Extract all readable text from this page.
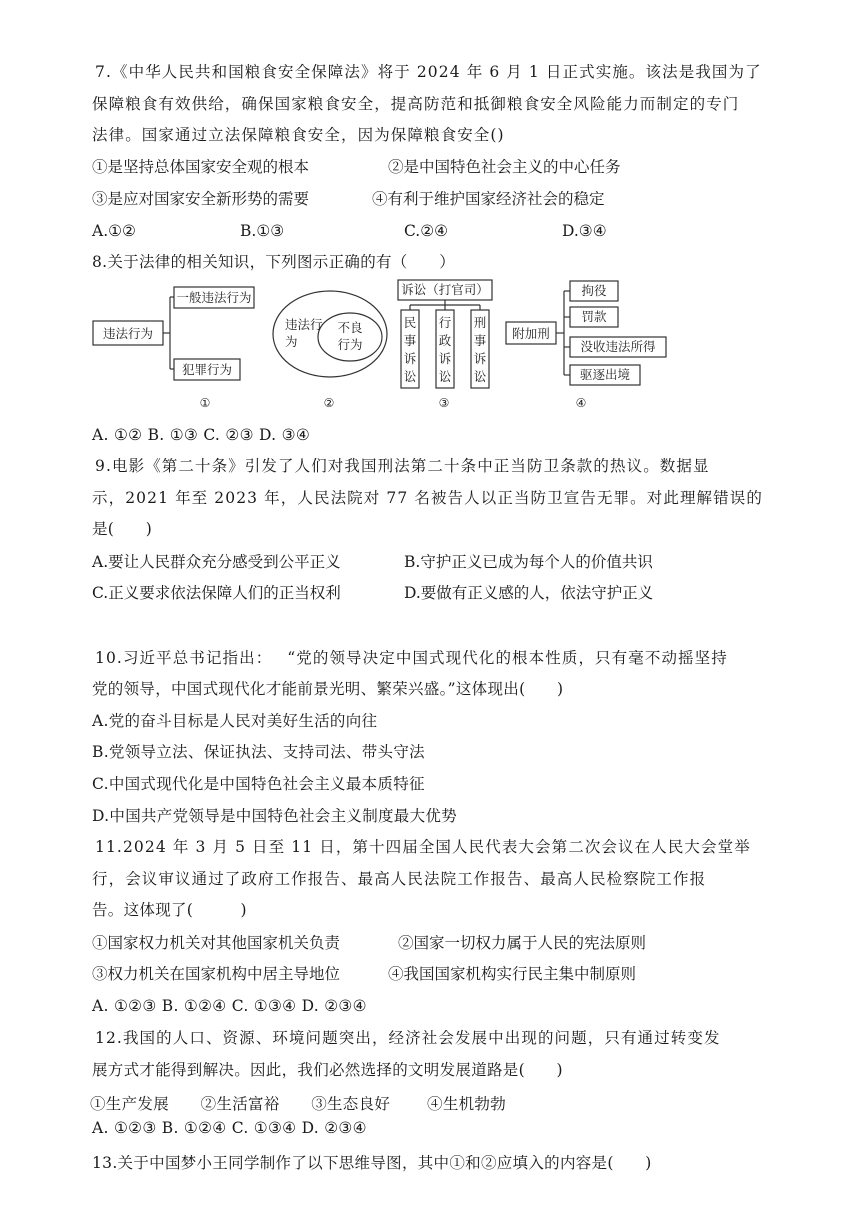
7.《中华人民共和国粮食安全保障法》将于 2024 年 6 月 1 日正式实施。该法是我国为了
保障粮食有效供给，确保国家粮食安全，提高防范和抵御粮食安全风险能力而制定的专门
法律。国家通过立法保障粮食安全，因为保障粮食安全()
①是坚持总体国家安全观的根本	②是中国特色社会主义的中心任务
③是应对国家安全新形势的需要	④有利于维护国家经济社会的稳定
A.①②	B.①③	C.②④	D.③④
8.关于法律的相关知识，下列图示正确的有（　　）
违法行为
一般违法行为
犯罪行为
①
违法行
为
不良
行为
②
诉讼（打官司）
民
事
诉
讼
行
政
诉
讼
刑
事
诉
讼
③
附加刑
拘役
罚款
没收违法所得
驱逐出境
④
A. ①② B. ①③ C. ②③ D. ③④
9.电影《第二十条》引发了人们对我国刑法第二十条中正当防卫条款的热议。数据显
示，2021 年至 2023 年，人民法院对 77 名被告人以正当防卫宣告无罪。对此理解错误的
是(　　)
A.要让人民群众充分感受到公平正义	B.守护正义已成为每个人的价值共识
C.正义要求依法保障人们的正当权利	D.要做有正义感的人，依法守护正义
10.习近平总书记指出：　 “党的领导决定中国式现代化的根本性质，只有毫不动摇坚持
党的领导，中国式现代化才能前景光明、繁荣兴盛。”这体现出(　　)
A.党的奋斗目标是人民对美好生活的向往
B.党领导立法、保证执法、支持司法、带头守法
C.中国式现代化是中国特色社会主义最本质特征
D.中国共产党领导是中国特色社会主义制度最大优势
11.2024 年 3 月 5 日至 11 日，第十四届全国人民代表大会第二次会议在人民大会堂举
行，会议审议通过了政府工作报告、最高人民法院工作报告、最高人民检察院工作报
告。这体现了(　　　)
①国家权力机关对其他国家机关负责	②国家一切权力属于人民的宪法原则
③权力机关在国家机构中居主导地位	④我国国家机构实行民主集中制原则
A. ①②③ B. ①②④ C. ①③④ D. ②③④
12.我国的人口、资源、环境问题突出，经济社会发展中出现的问题，只有通过转变发
展方式才能得到解决。因此，我们必然选择的文明发展道路是(　　)
①生产发展　　②生活富裕　　③生态良好　　 ④生机勃勃
A. ①②③ B. ①②④ C. ①③④ D. ②③④
13.关于中国梦小王同学制作了以下思维导图，其中①和②应填入的内容是(　　)
